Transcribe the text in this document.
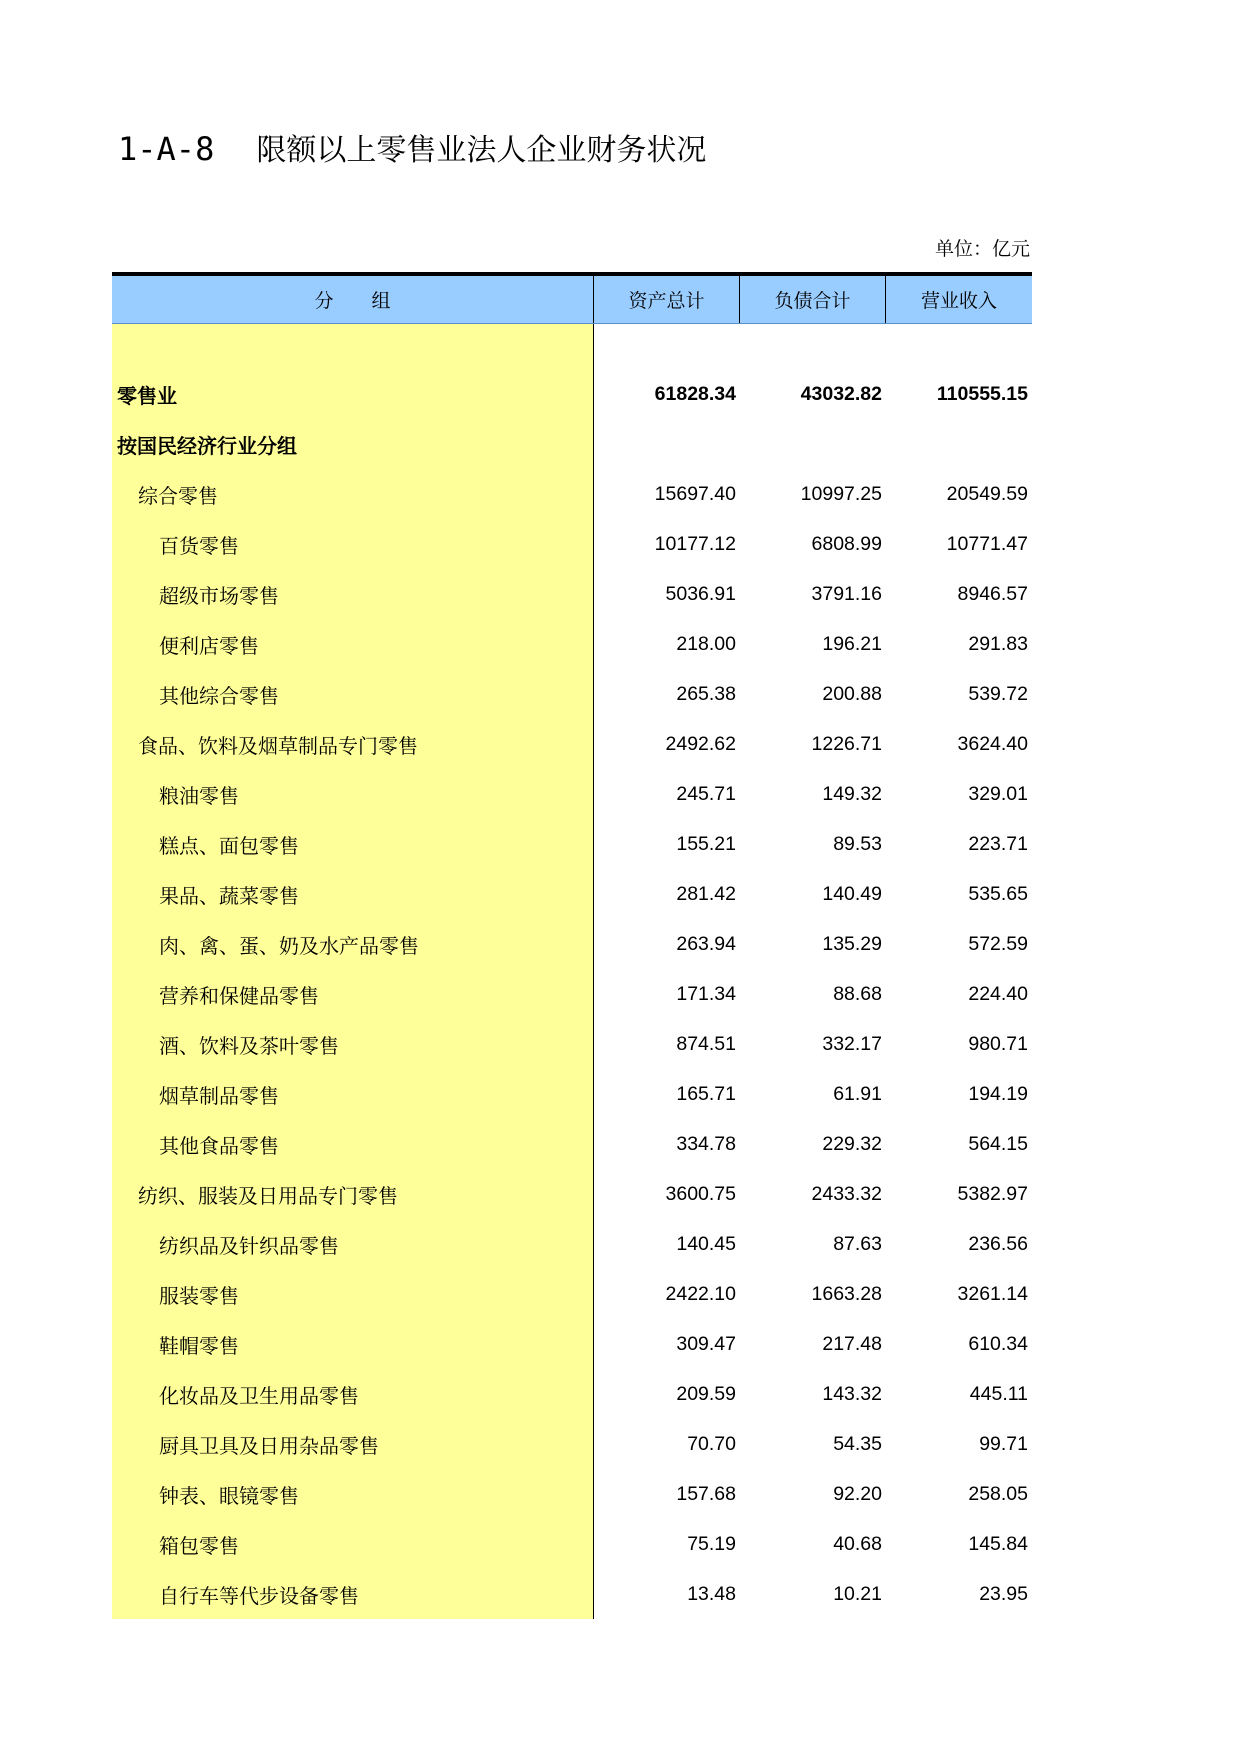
1-A-8 限额以上零售业法人企业财务状况
单位：亿元
分　　组	资产总计	负债合计	营业收入
零售业	61828.34	43032.82	110555.15
按国民经济行业分组
综合零售	15697.40	10997.25	20549.59
百货零售	10177.12	6808.99	10771.47
超级市场零售	5036.91	3791.16	8946.57
便利店零售	218.00	196.21	291.83
其他综合零售	265.38	200.88	539.72
食品、饮料及烟草制品专门零售	2492.62	1226.71	3624.40
粮油零售	245.71	149.32	329.01
糕点、面包零售	155.21	89.53	223.71
果品、蔬菜零售	281.42	140.49	535.65
肉、禽、蛋、奶及水产品零售	263.94	135.29	572.59
营养和保健品零售	171.34	88.68	224.40
酒、饮料及茶叶零售	874.51	332.17	980.71
烟草制品零售	165.71	61.91	194.19
其他食品零售	334.78	229.32	564.15
纺织、服装及日用品专门零售	3600.75	2433.32	5382.97
纺织品及针织品零售	140.45	87.63	236.56
服装零售	2422.10	1663.28	3261.14
鞋帽零售	309.47	217.48	610.34
化妆品及卫生用品零售	209.59	143.32	445.11
厨具卫具及日用杂品零售	70.70	54.35	99.71
钟表、眼镜零售	157.68	92.20	258.05
箱包零售	75.19	40.68	145.84
自行车等代步设备零售	13.48	10.21	23.95
